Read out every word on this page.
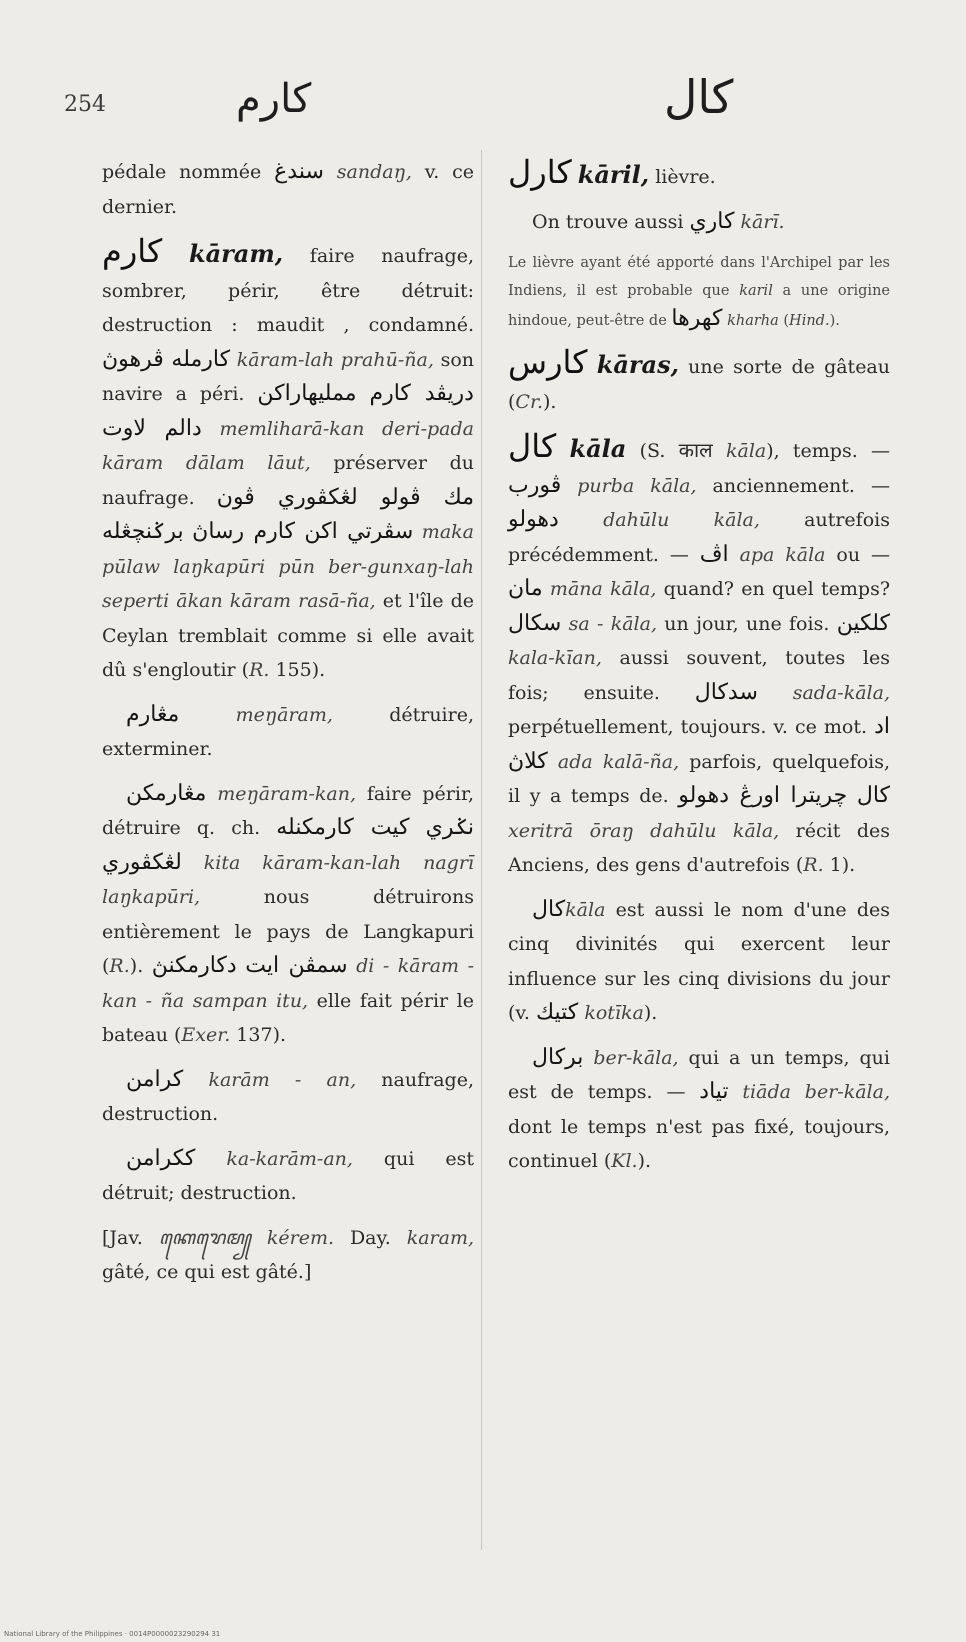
254	كارم	كال

pédale nommée سندغ sandaŋ, v. ce dernier.

كارم kāram, faire naufrage, sombrer, périr, être détruit: destruction : maudit , condamné. كارمله ڤرهوڽ kāram-lah prahū-ña, son navire a péri. ممليهاراكن دريڤد كارم دالم لاوت memliharā-kan deri-pada kāram dālam lāut, préserver du naufrage. مك ڤولو لڠكڤوري ڤون برݢنچڠله سڤرتي اكن كارم رساڽ maka pūlaw laŋkapūri pūn ber-gunxaŋ-lah seperti ākan kāram rasā-ña, et l'île de Ceylan tremblait comme si elle avait dû s'engloutir (R. 155).

مڠارم meŋāram, détruire, exterminer.

مڠارمكن meŋāram-kan, faire périr, détruire q. ch. كيت كارمكنله نݢري لڠكڤوري kita kāram-kan-lah nagrī laŋkapūri, nous détruirons entièrement le pays de Langkapuri (R.). دكارمكنڽ سمڤن ايت di - kāram - kan - ña sampan itu, elle fait périr le bateau (Exer. 137).

كرامن karām - an, naufrage, destruction.

ككرامن ka-karām-an, qui est détruit; destruction.

[Jav. ꦏꦺꦫꦺꦩ꧀ kérem. Day. karam, gâté, ce qui est gâté.]

كارل kāril, lièvre.

On trouve aussi كاري kārī.

Le lièvre ayant été apporté dans l'Archipel par les Indiens, il est probable que karil a une origine hindoue, peut-être de كهرها kharha (Hind.).

كارس kāras, une sorte de gâteau (Cr.).

كال kāla (S. काल kāla), temps. — ڤورب purba kāla, anciennement. — دهولو dahūlu kāla, autrefois précédemment. — اڤ apa kāla ou — مان māna kāla, quand? en quel temps? سكال sa - kāla, un jour, une fois. كلكين kala-kīan, aussi souvent, toutes les fois; ensuite. سدكال sada-kāla, perpétuellement, toujours. v. ce mot. اد كلاڽ ada kalā-ña, parfois, quelquefois, il y a temps de. چريترا اورڠ دهولو كال xeritrā ōraŋ dahūlu kāla, récit des Anciens, des gens d'autrefois (R. 1).

كالkāla est aussi le nom d'une des cinq divinités qui exercent leur influence sur les cinq divisions du jour (v. كتيك kotīka).

بركال ber-kāla, qui a un temps, qui est de temps. — تياد tiāda ber-kāla, dont le temps n'est pas fixé, toujours, continuel (Kl.).

National Library of the Philippines · 0014P0000023290294 31
